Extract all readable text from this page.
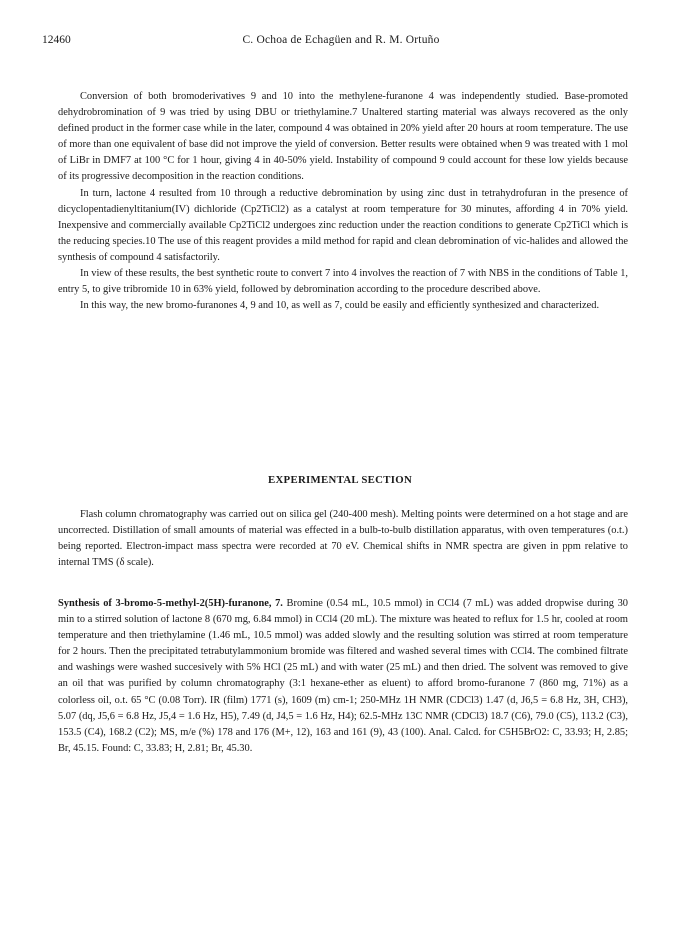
12460	C. Ochoa de Echagüen and R. M. Ortuño

Conversion of both bromoderivatives 9 and 10 into the methylene-furanone 4 was independently studied. Base-promoted dehydrobromination of 9 was tried by using DBU or triethylamine.7 Unaltered starting material was always recovered as the only defined product in the former case while in the later, compound 4 was obtained in 20% yield after 20 hours at room temperature. The use of more than one equivalent of base did not improve the yield of conversion. Better results were obtained when 9 was treated with 1 mol of LiBr in DMF7 at 100 °C for 1 hour, giving 4 in 40-50% yield. Instability of compound 9 could account for these low yields because of its progressive decomposition in the reaction conditions.

In turn, lactone 4 resulted from 10 through a reductive debromination by using zinc dust in tetrahydrofuran in the presence of dicyclopentadienyltitanium(IV) dichloride (Cp2TiCl2) as a catalyst at room temperature for 30 minutes, affording 4 in 70% yield. Inexpensive and commercially available Cp2TiCl2 undergoes zinc reduction under the reaction conditions to generate Cp2TiCl which is the reducing species.10 The use of this reagent provides a mild method for rapid and clean debromination of vic-halides and allowed the synthesis of compound 4 satisfactorily.

In view of these results, the best synthetic route to convert 7 into 4 involves the reaction of 7 with NBS in the conditions of Table 1, entry 5, to give tribromide 10 in 63% yield, followed by debromination according to the procedure described above.

In this way, the new bromo-furanones 4, 9 and 10, as well as 7, could be easily and efficiently synthesized and characterized.

EXPERIMENTAL SECTION

Flash column chromatography was carried out on silica gel (240-400 mesh). Melting points were determined on a hot stage and are uncorrected. Distillation of small amounts of material was effected in a bulb-to-bulb distillation apparatus, with oven temperatures (o.t.) being reported. Electron-impact mass spectra were recorded at 70 eV. Chemical shifts in NMR spectra are given in ppm relative to internal TMS (δ scale).

Synthesis of 3-bromo-5-methyl-2(5H)-furanone, 7. Bromine (0.54 mL, 10.5 mmol) in CCl4 (7 mL) was added dropwise during 30 min to a stirred solution of lactone 8 (670 mg, 6.84 mmol) in CCl4 (20 mL). The mixture was heated to reflux for 1.5 hr, cooled at room temperature and then triethylamine (1.46 mL, 10.5 mmol) was added slowly and the resulting solution was stirred at room temperature for 2 hours. Then the precipitated tetrabutylammonium bromide was filtered and washed several times with CCl4. The combined filtrate and washings were washed succesively with 5% HCl (25 mL) and with water (25 mL) and then dried. The solvent was removed to give an oil that was purified by column chromatography (3:1 hexane-ether as eluent) to afford bromo-furanone 7 (860 mg, 71%) as a colorless oil, o.t. 65 °C (0.08 Torr). IR (film) 1771 (s), 1609 (m) cm-1; 250-MHz 1H NMR (CDCl3) 1.47 (d, J6,5 = 6.8 Hz, 3H, CH3), 5.07 (dq, J5,6 = 6.8 Hz, J5,4 = 1.6 Hz, H5), 7.49 (d, J4,5 = 1.6 Hz, H4); 62.5-MHz 13C NMR (CDCl3) 18.7 (C6), 79.0 (C5), 113.2 (C3), 153.5 (C4), 168.2 (C2); MS, m/e (%) 178 and 176 (M+, 12), 163 and 161 (9), 43 (100). Anal. Calcd. for C5H5BrO2: C, 33.93; H, 2.85; Br, 45.15. Found: C, 33.83; H, 2.81; Br, 45.30.
